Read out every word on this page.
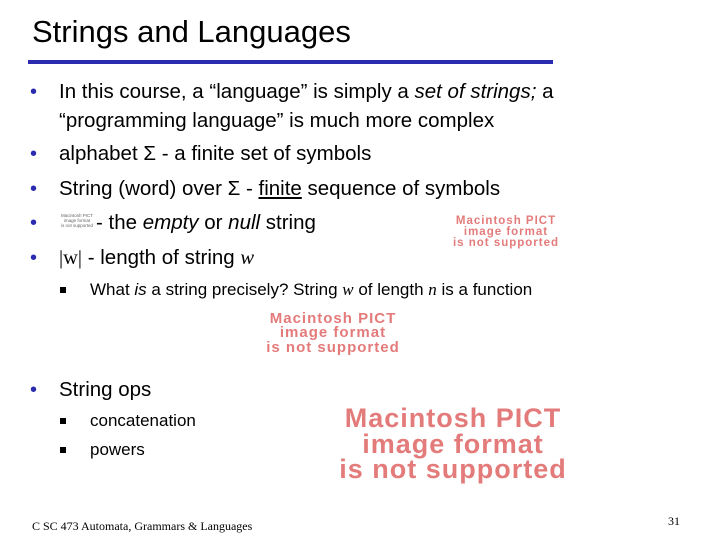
Strings and Languages
• In this course, a “language” is simply a set of strings; a
“programming language” is much more complex
• alphabet Σ - a finite set of symbols
• String (word) over Σ - finite sequence of symbols
•	Macintosh PICT
image format
is not supported - the empty or null string	Macintosh PICT
image format
is not supported
• |w| - length of string w
What is a string precisely? String w of length n is a function
Macintosh PICT
image format
is not supported
• String ops
concatenation
powers
Macintosh PICT
image format
is not supported
C SC 473 Automata, Grammars & Languages	31
